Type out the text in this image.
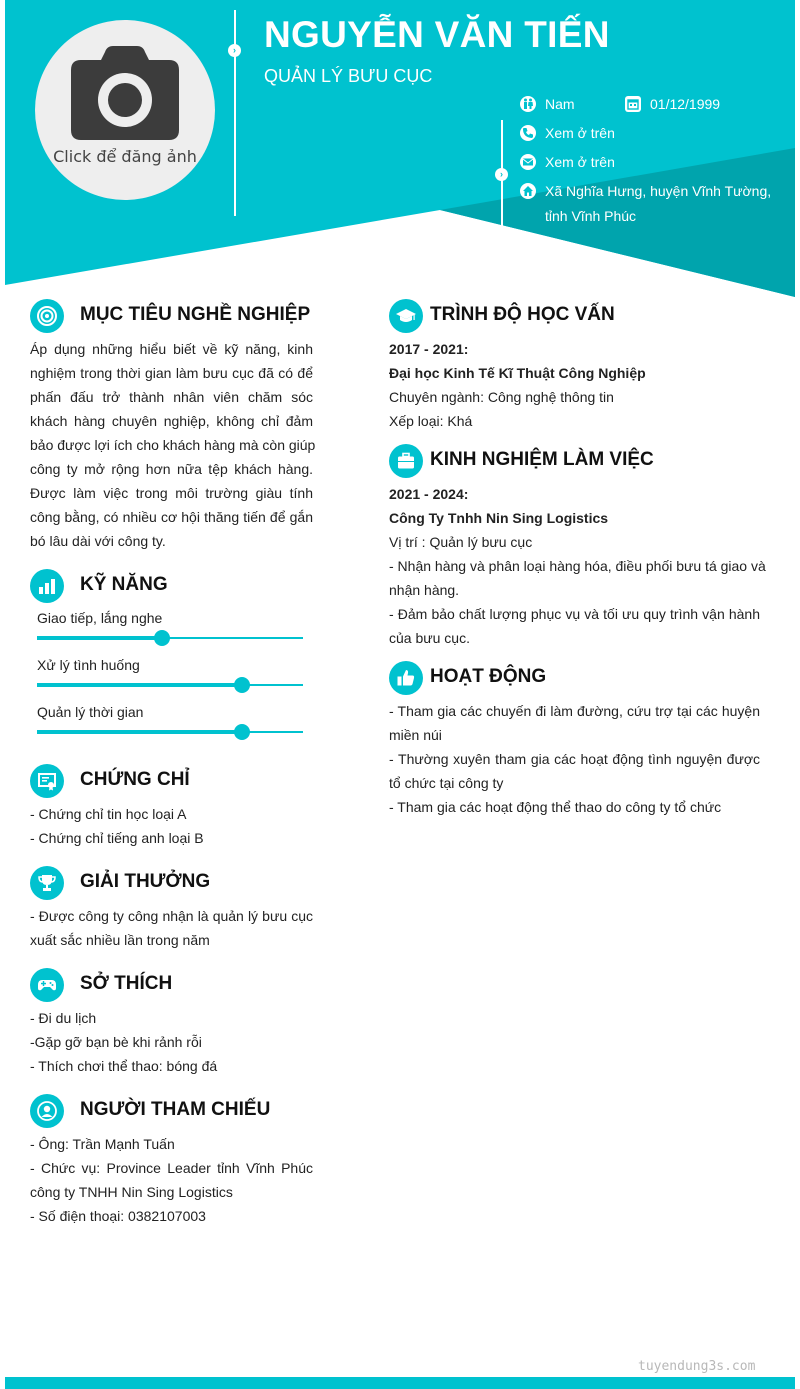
Click để đăng ảnh
› NGUYỄN VĂN TIẾN
QUẢN LÝ BƯU CỤC
›
Nam	01/12/1999
Xem ở trên
Xem ở trên
Xã Nghĩa Hưng, huyện Vĩnh Tường,
tỉnh Vĩnh Phúc
MỤC TIÊU NGHỀ NGHIỆP
Áp dụng những hiểu biết về kỹ năng, kinh
nghiệm trong thời gian làm bưu cục đã có để
phấn đấu trở thành nhân viên chăm sóc
khách hàng chuyên nghiệp, không chỉ đảm
bảo được lợi ích cho khách hàng mà còn giúp
công ty mở rộng hơn nữa tệp khách hàng.
Được làm việc trong môi trường giàu tính
công bằng, có nhiều cơ hội thăng tiến để gắn
bó lâu dài với công ty.
KỸ NĂNG
Giao tiếp, lắng nghe
Xử lý tình huống
Quản lý thời gian
CHỨNG CHỈ
- Chứng chỉ tin học loại A
- Chứng chỉ tiếng anh loại B
GIẢI THƯỞNG
- Được công ty công nhận là quản lý bưu cục
xuất sắc nhiều lần trong năm
SỞ THÍCH
- Đi du lịch
-Gặp gỡ bạn bè khi rảnh rỗi
- Thích chơi thể thao: bóng đá
NGƯỜI THAM CHIẾU
- Ông: Trần Mạnh Tuấn
- Chức vụ: Province Leader tỉnh Vĩnh Phúc
công ty TNHH Nin Sing Logistics
- Số điện thoại: 0382107003
TRÌNH ĐỘ HỌC VẤN
2017 - 2021:
Đại học Kinh Tế Kĩ Thuật Công Nghiệp
Chuyên ngành: Công nghệ thông tin
Xếp loại: Khá
KINH NGHIỆM LÀM VIỆC
2021 - 2024:
Công Ty Tnhh Nin Sing Logistics
Vị trí : Quản lý bưu cục
- Nhận hàng và phân loại hàng hóa, điều phối bưu tá giao và
nhận hàng.
- Đảm bảo chất lượng phục vụ và tối ưu quy trình vận hành
của bưu cục.
HOẠT ĐỘNG
- Tham gia các chuyến đi làm đường, cứu trợ tại các huyện
miền núi
- Thường xuyên tham gia các hoạt động tình nguyện được
tổ chức tại công ty
- Tham gia các hoạt động thể thao do công ty tổ chức
tuyendung3s.com
